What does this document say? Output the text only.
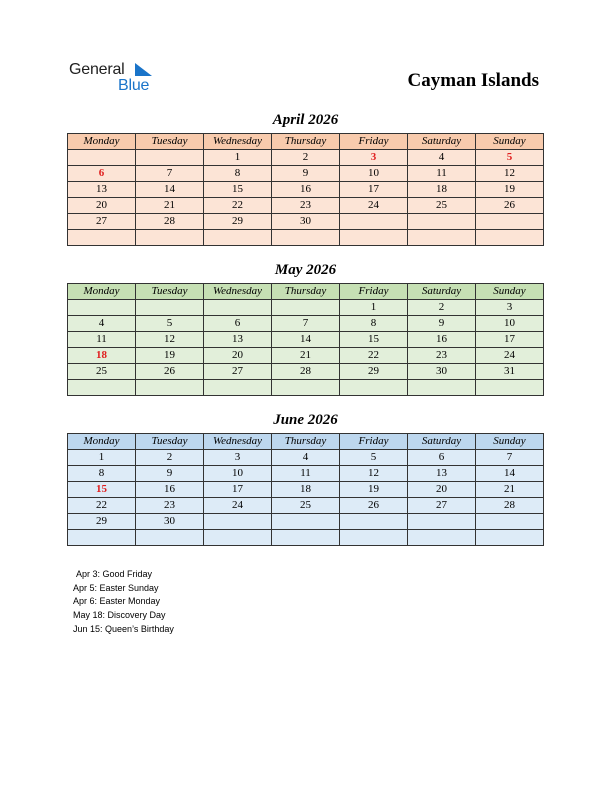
General
Blue	Cayman Islands
April 2026
Monday	Tuesday	Wednesday	Thursday	Friday	Saturday	Sunday
		1	2	3	4	5
6	7	8	9	10	11	12
13	14	15	16	17	18	19
20	21	22	23	24	25	26
27	28	29	30			

May 2026
Monday	Tuesday	Wednesday	Thursday	Friday	Saturday	Sunday
				1	2	3
4	5	6	7	8	9	10
11	12	13	14	15	16	17
18	19	20	21	22	23	24
25	26	27	28	29	30	31

June 2026
Monday	Tuesday	Wednesday	Thursday	Friday	Saturday	Sunday
1	2	3	4	5	6	7
8	9	10	11	12	13	14
15	16	17	18	19	20	21
22	23	24	25	26	27	28
29	30					

Apr 3: Good Friday
Apr 5: Easter Sunday
Apr 6: Easter Monday
May 18: Discovery Day
Jun 15: Queen’s Birthday
